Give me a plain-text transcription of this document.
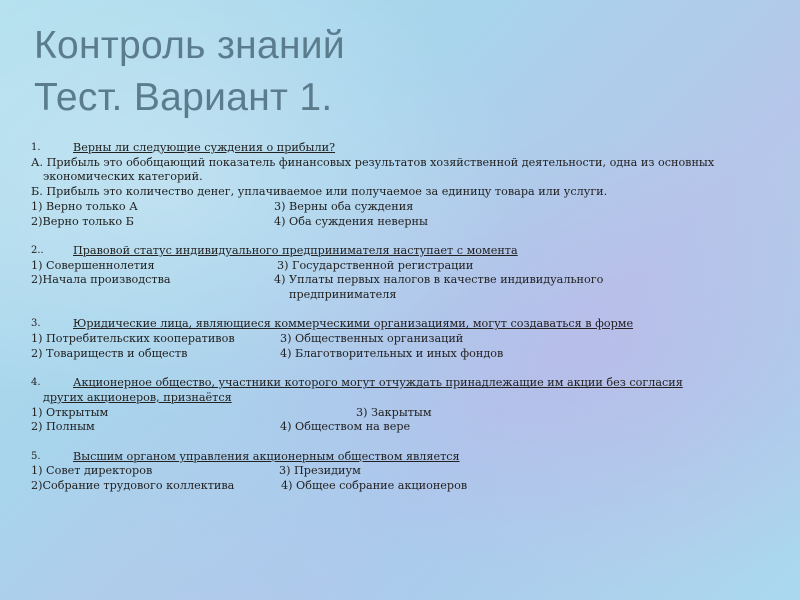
Контроль знаний
Тест. Вариант 1.
1.	Верны ли следующие суждения о прибыли?
А. Прибыль это обобщающий показатель финансовых результатов хозяйственной деятельности, одна из основных
экономических категорий.
Б. Прибыль это количество денег, уплачиваемое или получаемое за единицу товара или услуги.
1) Верно только А	3) Верны оба суждения
2)Верно только Б	4) Оба суждения неверны
2..	Правовой статус индивидуального предпринимателя наступает с момента
1) Совершеннолетия	3) Государственной регистрации
2)Начала производства	4) Уплаты первых налогов в качестве индивидуального
предпринимателя
3.	Юридические лица, являющиеся коммерческими организациями, могут создаваться в форме
1) Потребительских кооперативов	3) Общественных организаций
2) Товариществ и обществ	4) Благотворительных и иных фондов
4.	Акционерное общество, участники которого могут отчуждать принадлежащие им акции без согласия
других акционеров, признаётся
1) Открытым	3) Закрытым
2) Полным	4) Обществом на вере
5.	Высшим органом управления акционерным обществом является
1) Совет директоров	3) Президиум
2)Собрание трудового коллектива	4) Общее собрание акционеров
